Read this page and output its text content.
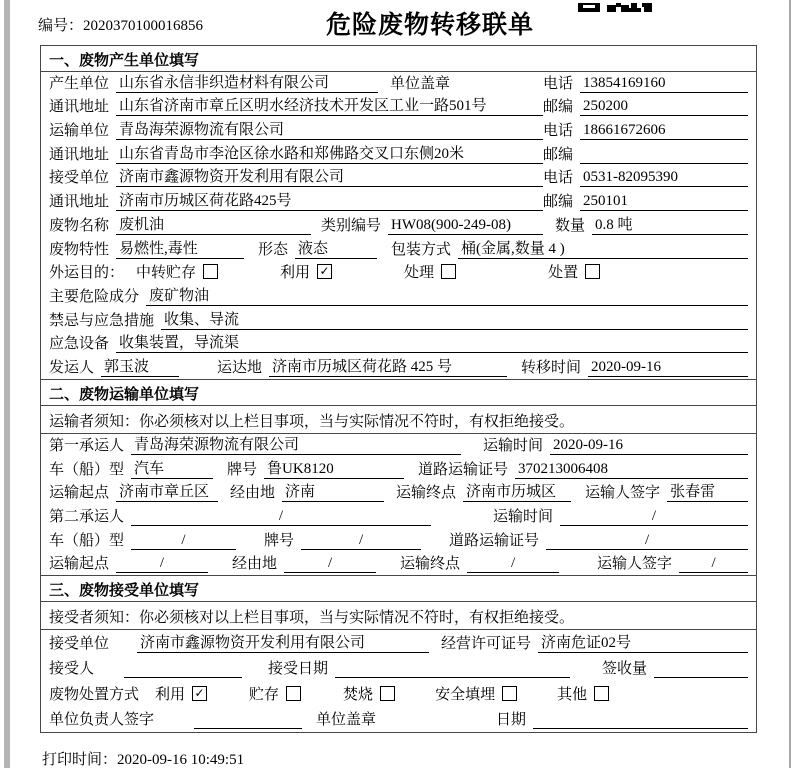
编号：2020370100016856	危险废物转移联单
一、废物产生单位填写
产生单位 山东省永信非织造材料有限公司	单位盖章	电话 13854169160
通讯地址 山东省济南市章丘区明水经济技术开发区工业一路501号	邮编 250200
运输单位 青岛海荣源物流有限公司	电话 18661672606
通讯地址 山东省青岛市李沧区徐水路和郑佛路交叉口东侧20米	邮编
接受单位 济南市鑫源物资开发利用有限公司	电话 0531-82095390
通讯地址 济南市历城区荷花路425号	邮编 250101
废物名称 废机油	类别编号 HW08(900-249-08)	数量 0.8 吨
废物特性 易燃性,毒性	形态 液态	包装方式 桶(金属,数量 4 )
外运目的： 中转贮存	利用 ✓	处理	处置
主要危险成分 废矿物油
禁忌与应急措施 收集、导流
应急设备 收集装置，导流渠
发运人 郭玉波	运达地 济南市历城区荷花路 425 号	转移时间 2020-09-16
二、废物运输单位填写
运输者须知：你必须核对以上栏目事项，当与实际情况不符时，有权拒绝接受。
第一承运人 青岛海荣源物流有限公司	运输时间 2020-09-16
车（船）型 汽车	牌号 鲁UK8120	道路运输证号 370213006408
运输起点 济南市章丘区	经由地 济南	运输终点 济南市历城区	运输人签字 张春雷
第二承运人	/	运输时间	/
车（船）型	/	牌号	/	道路运输证号	/
运输起点	/	经由地	/	运输终点	/	运输人签字	/
三、废物接受单位填写
接受者须知：你必须核对以上栏目事项，当与实际情况不符时，有权拒绝接受。
接受单位 济南市鑫源物资开发利用有限公司	经营许可证号 济南危证02号
接受人	接受日期	签收量
废物处置方式 利用 ✓	贮存	焚烧	安全填埋	其他
单位负责人签字	单位盖章	日期
打印时间：2020-09-16 10:49:51
